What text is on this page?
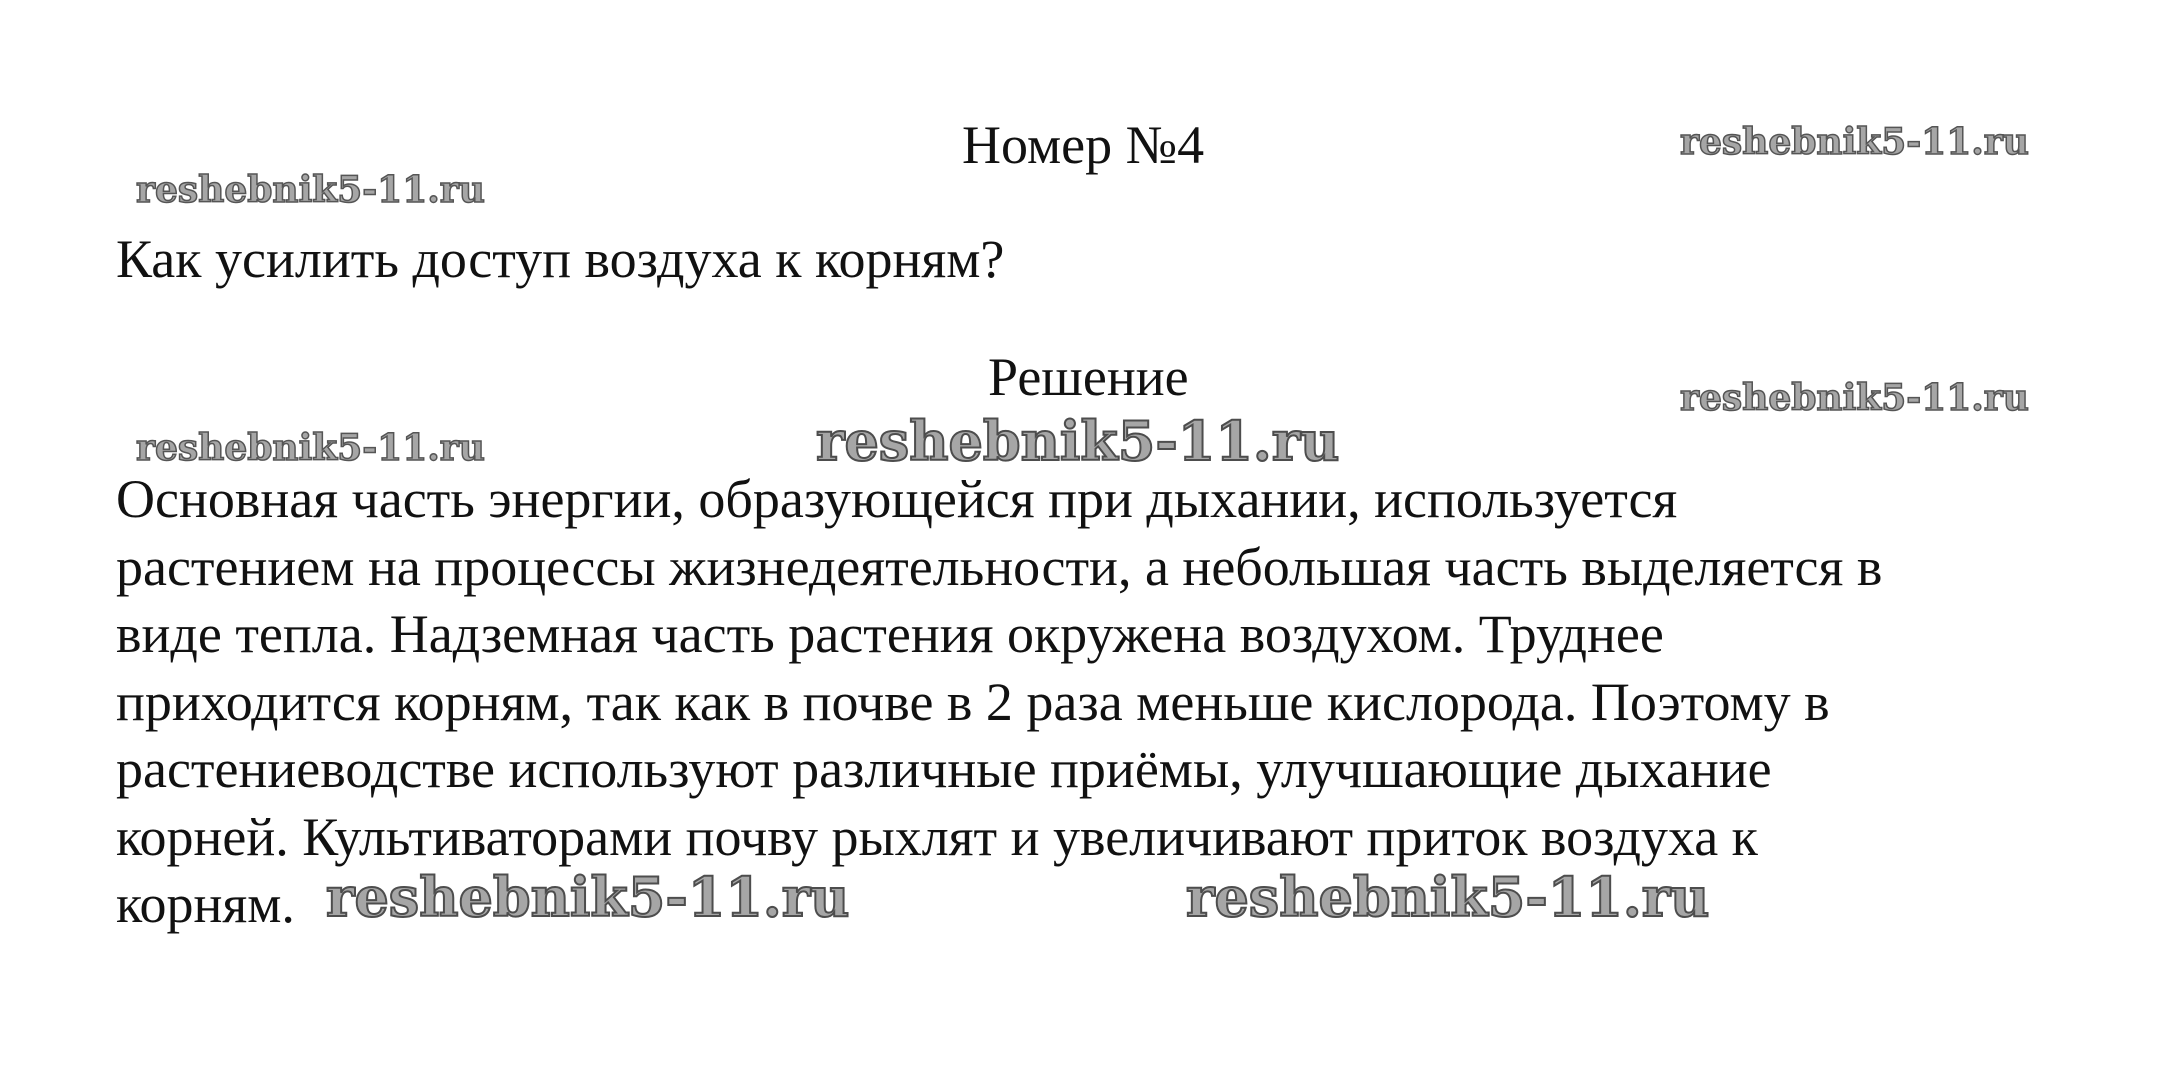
Номер №4
Как усилить доступ воздуха к корням?
Решение
Основная часть энергии, образующейся при дыхании, используется
растением на процессы жизнедеятельности, а небольшая часть выделяется в
виде тепла. Надземная часть растения окружена воздухом. Труднее
приходится корням, так как в почве в 2 раза меньше кислорода. Поэтому в
растениеводстве используют различные приёмы, улучшающие дыхание
корней. Культиваторами почву рыхлят и увеличивают приток воздуха к
корням.
reshebnik5-11.ru
reshebnik5-11.ru
reshebnik5-11.ru
reshebnik5-11.ru	reshebnik5-11.ru
reshebnik5-11.ru	reshebnik5-11.ru
